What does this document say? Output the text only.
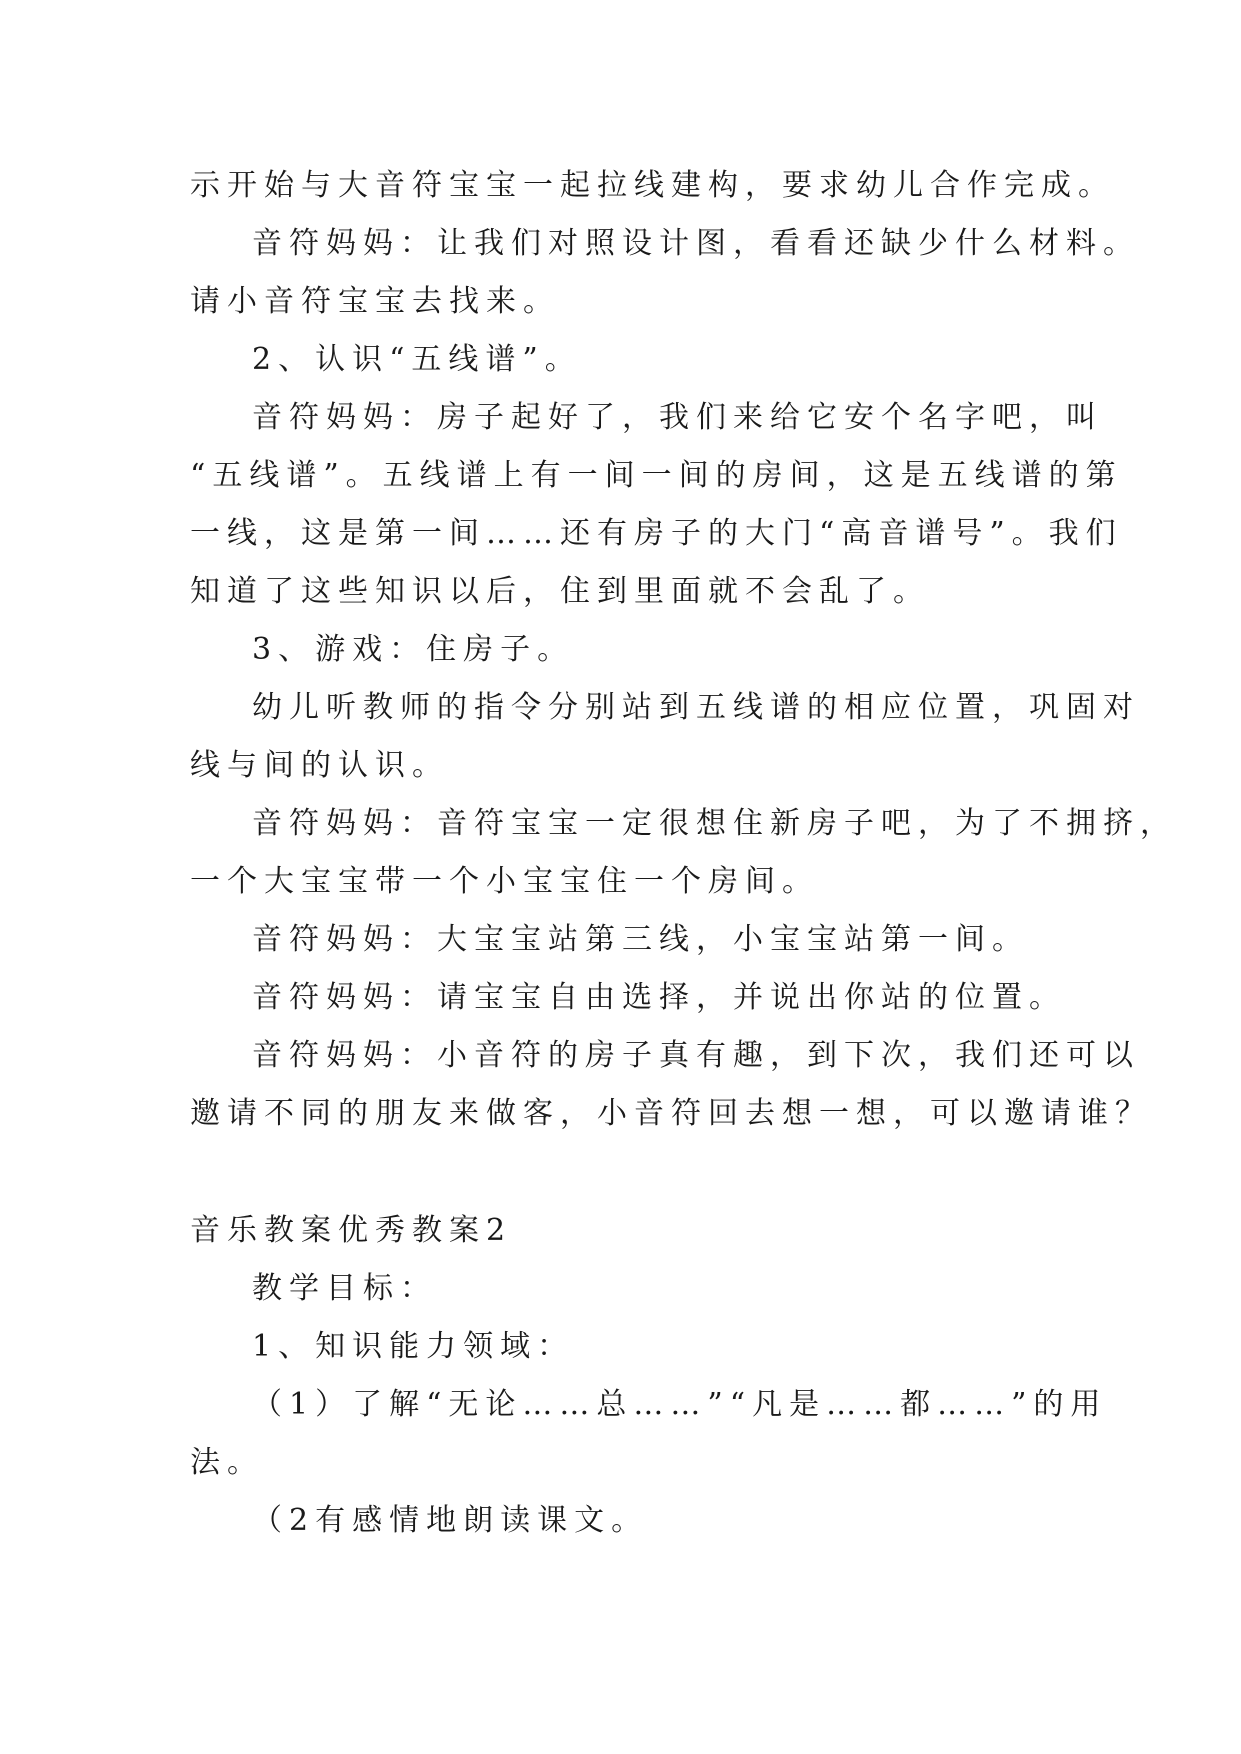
示开始与大音符宝宝一起拉线建构，要求幼儿合作完成。
音符妈妈：让我们对照设计图，看看还缺少什么材料。
请小音符宝宝去找来。
2、认识“五线谱”。
音符妈妈：房子起好了，我们来给它安个名字吧，叫
“五线谱”。五线谱上有一间一间的房间，这是五线谱的第
一线，这是第一间……还有房子的大门“高音谱号”。我们
知道了这些知识以后，住到里面就不会乱了。
3、游戏：住房子。
幼儿听教师的指令分别站到五线谱的相应位置，巩固对
线与间的认识。
音符妈妈：音符宝宝一定很想住新房子吧，为了不拥挤，
一个大宝宝带一个小宝宝住一个房间。
音符妈妈：大宝宝站第三线，小宝宝站第一间。
音符妈妈：请宝宝自由选择，并说出你站的位置。
音符妈妈：小音符的房子真有趣，到下次，我们还可以
邀请不同的朋友来做客，小音符回去想一想，可以邀请谁？
音乐教案优秀教案2
教学目标：
1、知识能力领域：
（1）了解“无论……总……”“凡是……都……”的用
法。
（2有感情地朗读课文。
